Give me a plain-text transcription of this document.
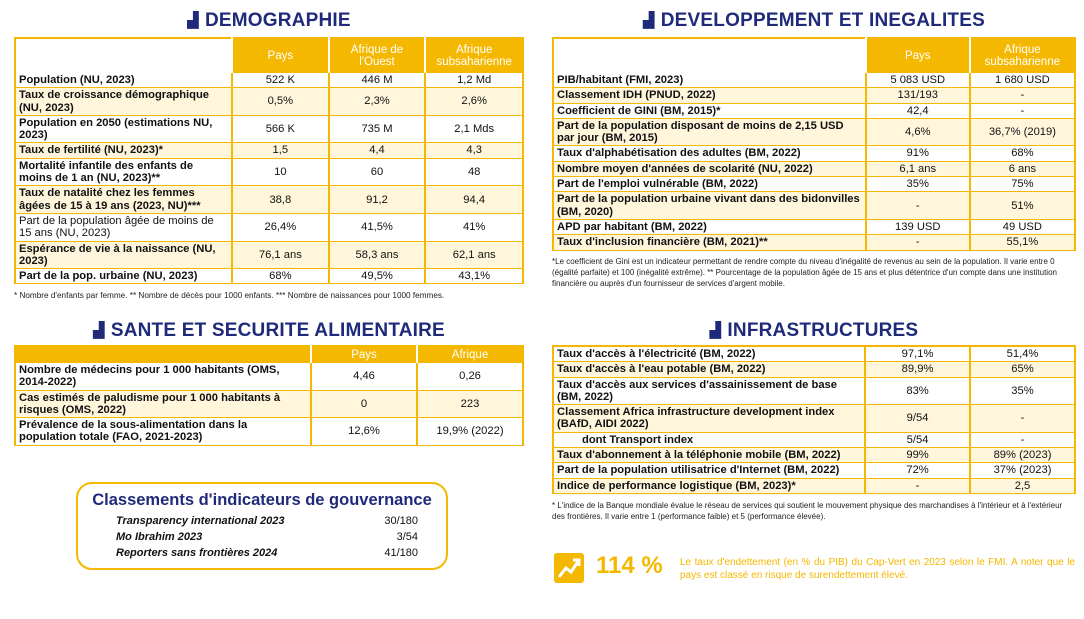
▟ DEMOGRAPHIE
	Pays	Afrique de l'Ouest	Afrique subsaharienne
Population (NU, 2023)	522 K	446 M	1,2 Md
Taux de croissance démographique (NU, 2023)	0,5%	2,3%	2,6%
Population en 2050 (estimations NU, 2023)	566 K	735 M	2,1 Mds
Taux de fertilité (NU, 2023)*	1,5	4,4	4,3
Mortalité infantile des enfants de moins de 1 an (NU, 2023)**	10	60	48
Taux de natalité chez les femmes âgées de 15 à 19 ans (2023, NU)***	38,8	91,2	94,4
Part de la population âgée de moins de 15 ans (NU, 2023)	26,4%	41,5%	41%
Espérance de vie à la naissance (NU, 2023)	76,1 ans	58,3 ans	62,1 ans
Part de la pop. urbaine (NU, 2023)	68%	49,5%	43,1%
* Nombre d'enfants par femme. ** Nombre de décès pour 1000 enfants. *** Nombre de naissances pour 1000 femmes.
▟ SANTE ET SECURITE ALIMENTAIRE
	Pays	Afrique
Nombre de médecins pour 1 000 habitants (OMS, 2014-2022)	4,46	0,26
Cas estimés de paludisme pour 1 000 habitants à risques (OMS, 2022)	0	223
Prévalence de la sous-alimentation dans la population totale (FAO, 2021-2023)	12,6%	19,9% (2022)
Classements d'indicateurs de gouvernance
Transparency international 2023	30/180
Mo Ibrahim 2023	3/54
Reporters sans frontières 2024	41/180
▟ DEVELOPPEMENT ET INEGALITES
	Pays	Afrique subsaharienne
PIB/habitant (FMI, 2023)	5 083 USD	1 680 USD
Classement IDH (PNUD, 2022)	131/193	-
Coefficient de GINI (BM, 2015)*	42,4	-
Part de la population disposant de moins de 2,15 USD par jour (BM, 2015)	4,6%	36,7% (2019)
Taux d'alphabétisation des adultes (BM, 2022)	91%	68%
Nombre moyen d'années de scolarité (NU, 2022)	6,1 ans	6 ans
Part de l'emploi vulnérable (BM, 2022)	35%	75%
Part de la population urbaine vivant dans des bidonvilles (BM, 2020)	-	51%
APD par habitant (BM, 2022)	139 USD	49 USD
Taux d'inclusion financière (BM, 2021)**	-	55,1%
*Le coefficient de Gini est un indicateur permettant de rendre compte du niveau d'inégalité de revenus au sein de la population. Il varie entre 0 (égalité parfaite) et 100 (inégalité extrême). ** Pourcentage de la population âgée de 15 ans et plus détentrice d'un compte dans une institution financière ou auprès d'un fournisseur de services d'argent mobile.
▟ INFRASTRUCTURES
Taux d'accès à l'électricité (BM, 2022)	97,1%	51,4%
Taux d'accès à l'eau potable (BM, 2022)	89,9%	65%
Taux d'accès aux services d'assainissement de base (BM, 2022)	83%	35%
Classement Africa infrastructure development index (BAfD, AIDI 2022)	9/54	-
dont Transport index	5/54	-
Taux d'abonnement à la téléphonie mobile (BM, 2022)	99%	89% (2023)
Part de la population utilisatrice d'Internet (BM, 2022)	72%	37% (2023)
Indice de performance logistique (BM, 2023)*	-	2,5
* L'indice de la Banque mondiale évalue le réseau de services qui soutient le mouvement physique des marchandises à l'intérieur et à l'extérieur des frontières. Il varie entre 1 (performance faible) et 5 (performance élevée).
114 % Le taux d'endettement (en % du PIB) du Cap-Vert en 2023 selon le FMI. A noter que le pays est classé en risque de surendettement élevé.
